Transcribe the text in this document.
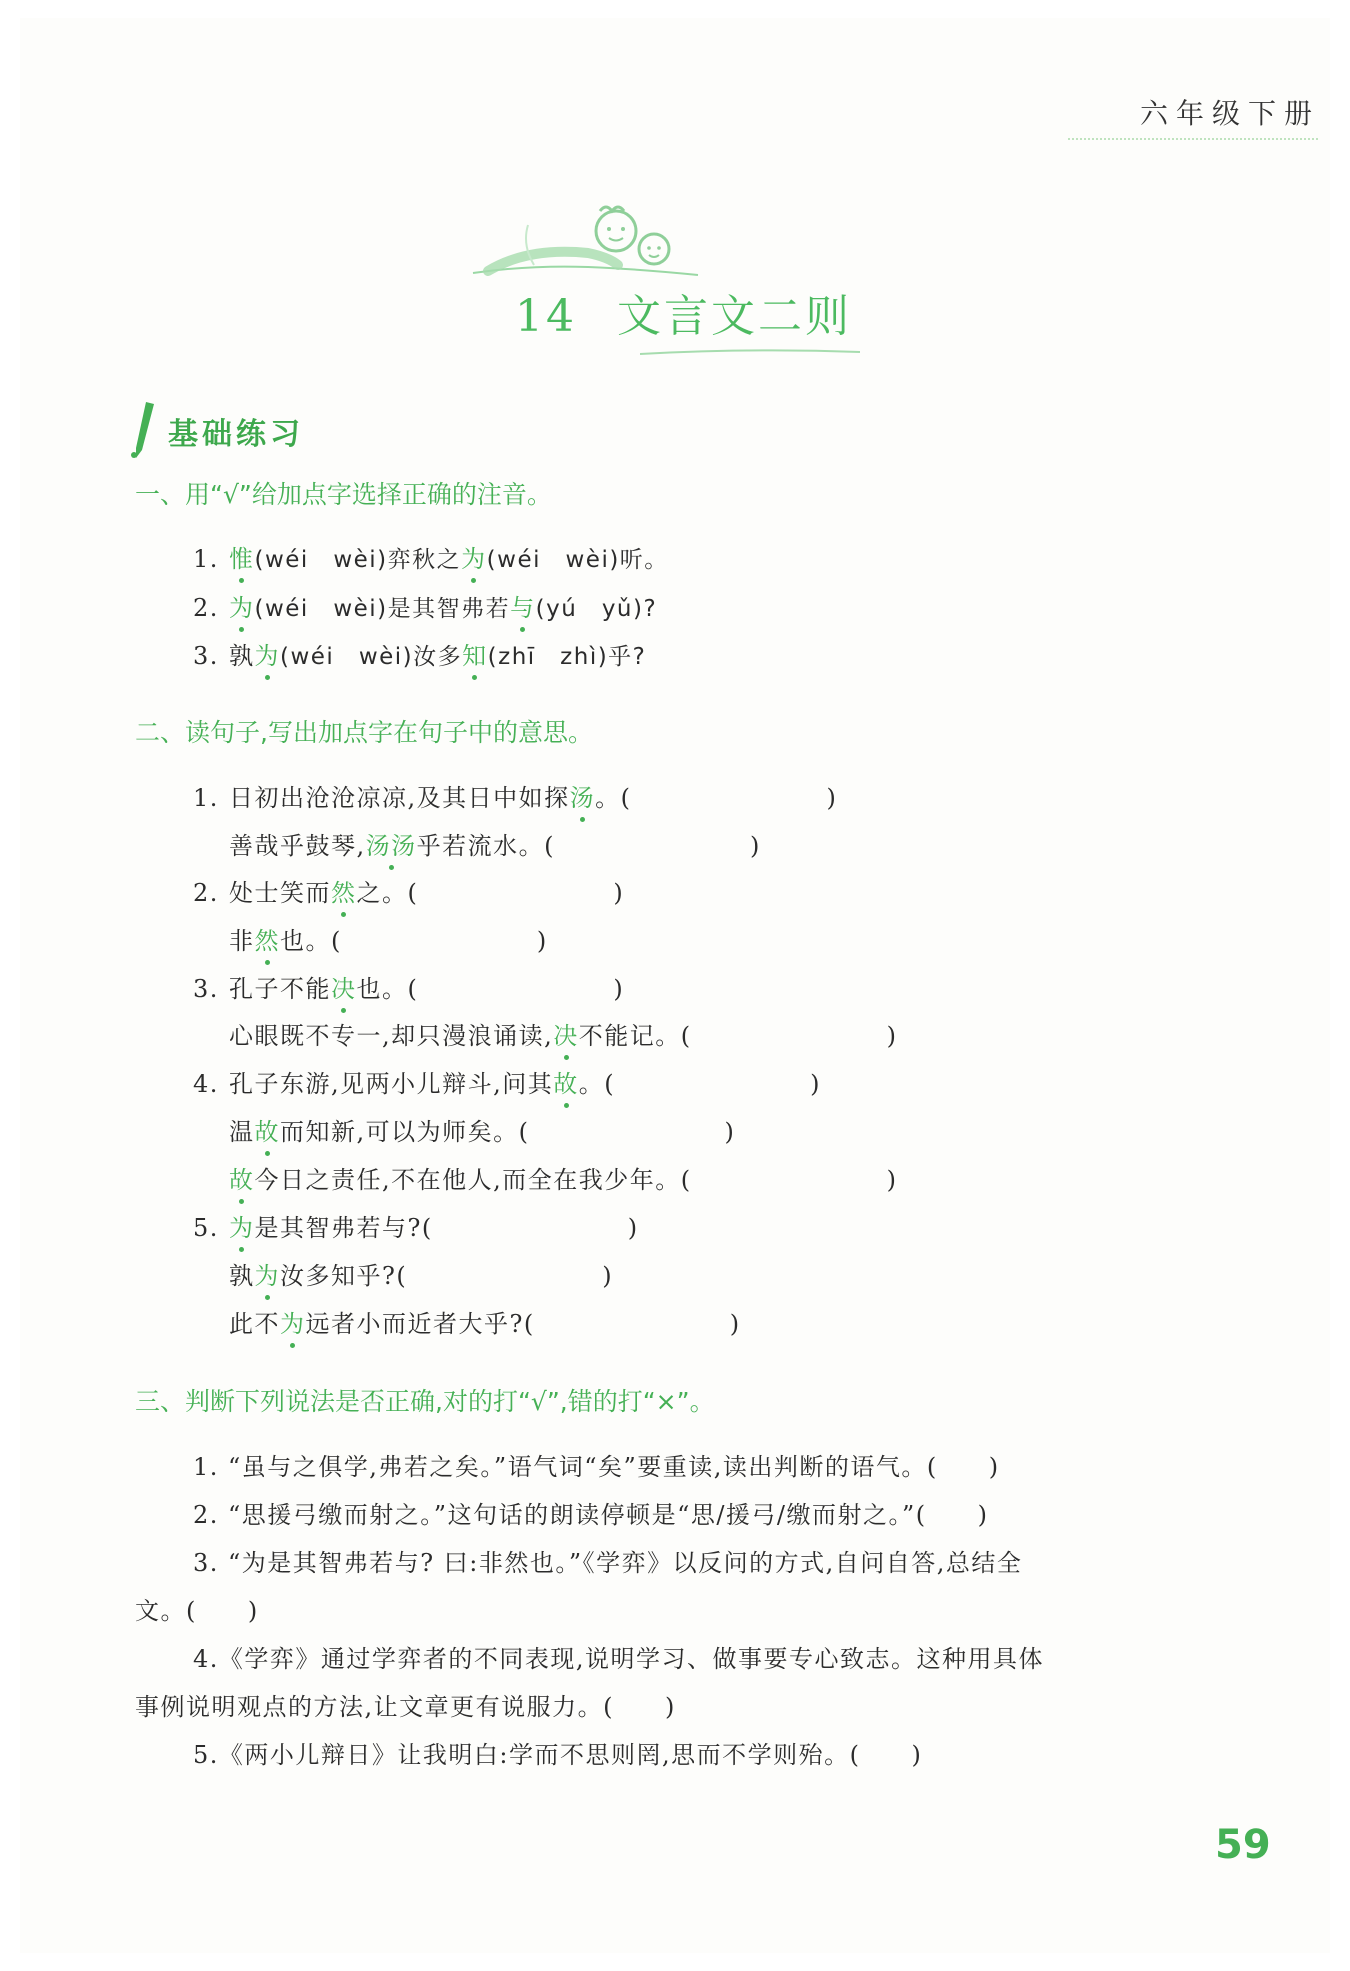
六年级下册
14 文言文二则
基础练习
一、用“√”给加点字选择正确的注音。
1. 惟(wéi　wèi)弈秋之为(wéi　wèi)听。
2. 为(wéi　wèi)是其智弗若与(yú　yǔ)?
3. 孰为(wéi　wèi)汝多知(zhī　zhì)乎?
二、读句子,写出加点字在句子中的意思。
1. 日初出沧沧凉凉,及其日中如探汤。(	)
善哉乎鼓琴,汤汤乎若流水。(	)
2. 处士笑而然之。(	)
非然也。(	)
3. 孔子不能决也。(	)
心眼既不专一,却只漫浪诵读,决不能记。(	)
4. 孔子东游,见两小儿辩斗,问其故。(	)
温故而知新,可以为师矣。(	)
故今日之责任,不在他人,而全在我少年。(	)
5. 为是其智弗若与?(	)
孰为汝多知乎?(	)
此不为远者小而近者大乎?(	)
三、判断下列说法是否正确,对的打“√”,错的打“×”。
1. “虽与之俱学,弗若之矣。”语气词“矣”要重读,读出判断的语气。(　　)
2. “思援弓缴而射之。”这句话的朗读停顿是“思/援弓/缴而射之。”(　　)
3. “为是其智弗若与? 曰:非然也。”《学弈》以反问的方式,自问自答,总结全
文。(　　)
4.《学弈》通过学弈者的不同表现,说明学习、做事要专心致志。这种用具体
事例说明观点的方法,让文章更有说服力。(　　)
5.《两小儿辩日》让我明白:学而不思则罔,思而不学则殆。(　　)
59
